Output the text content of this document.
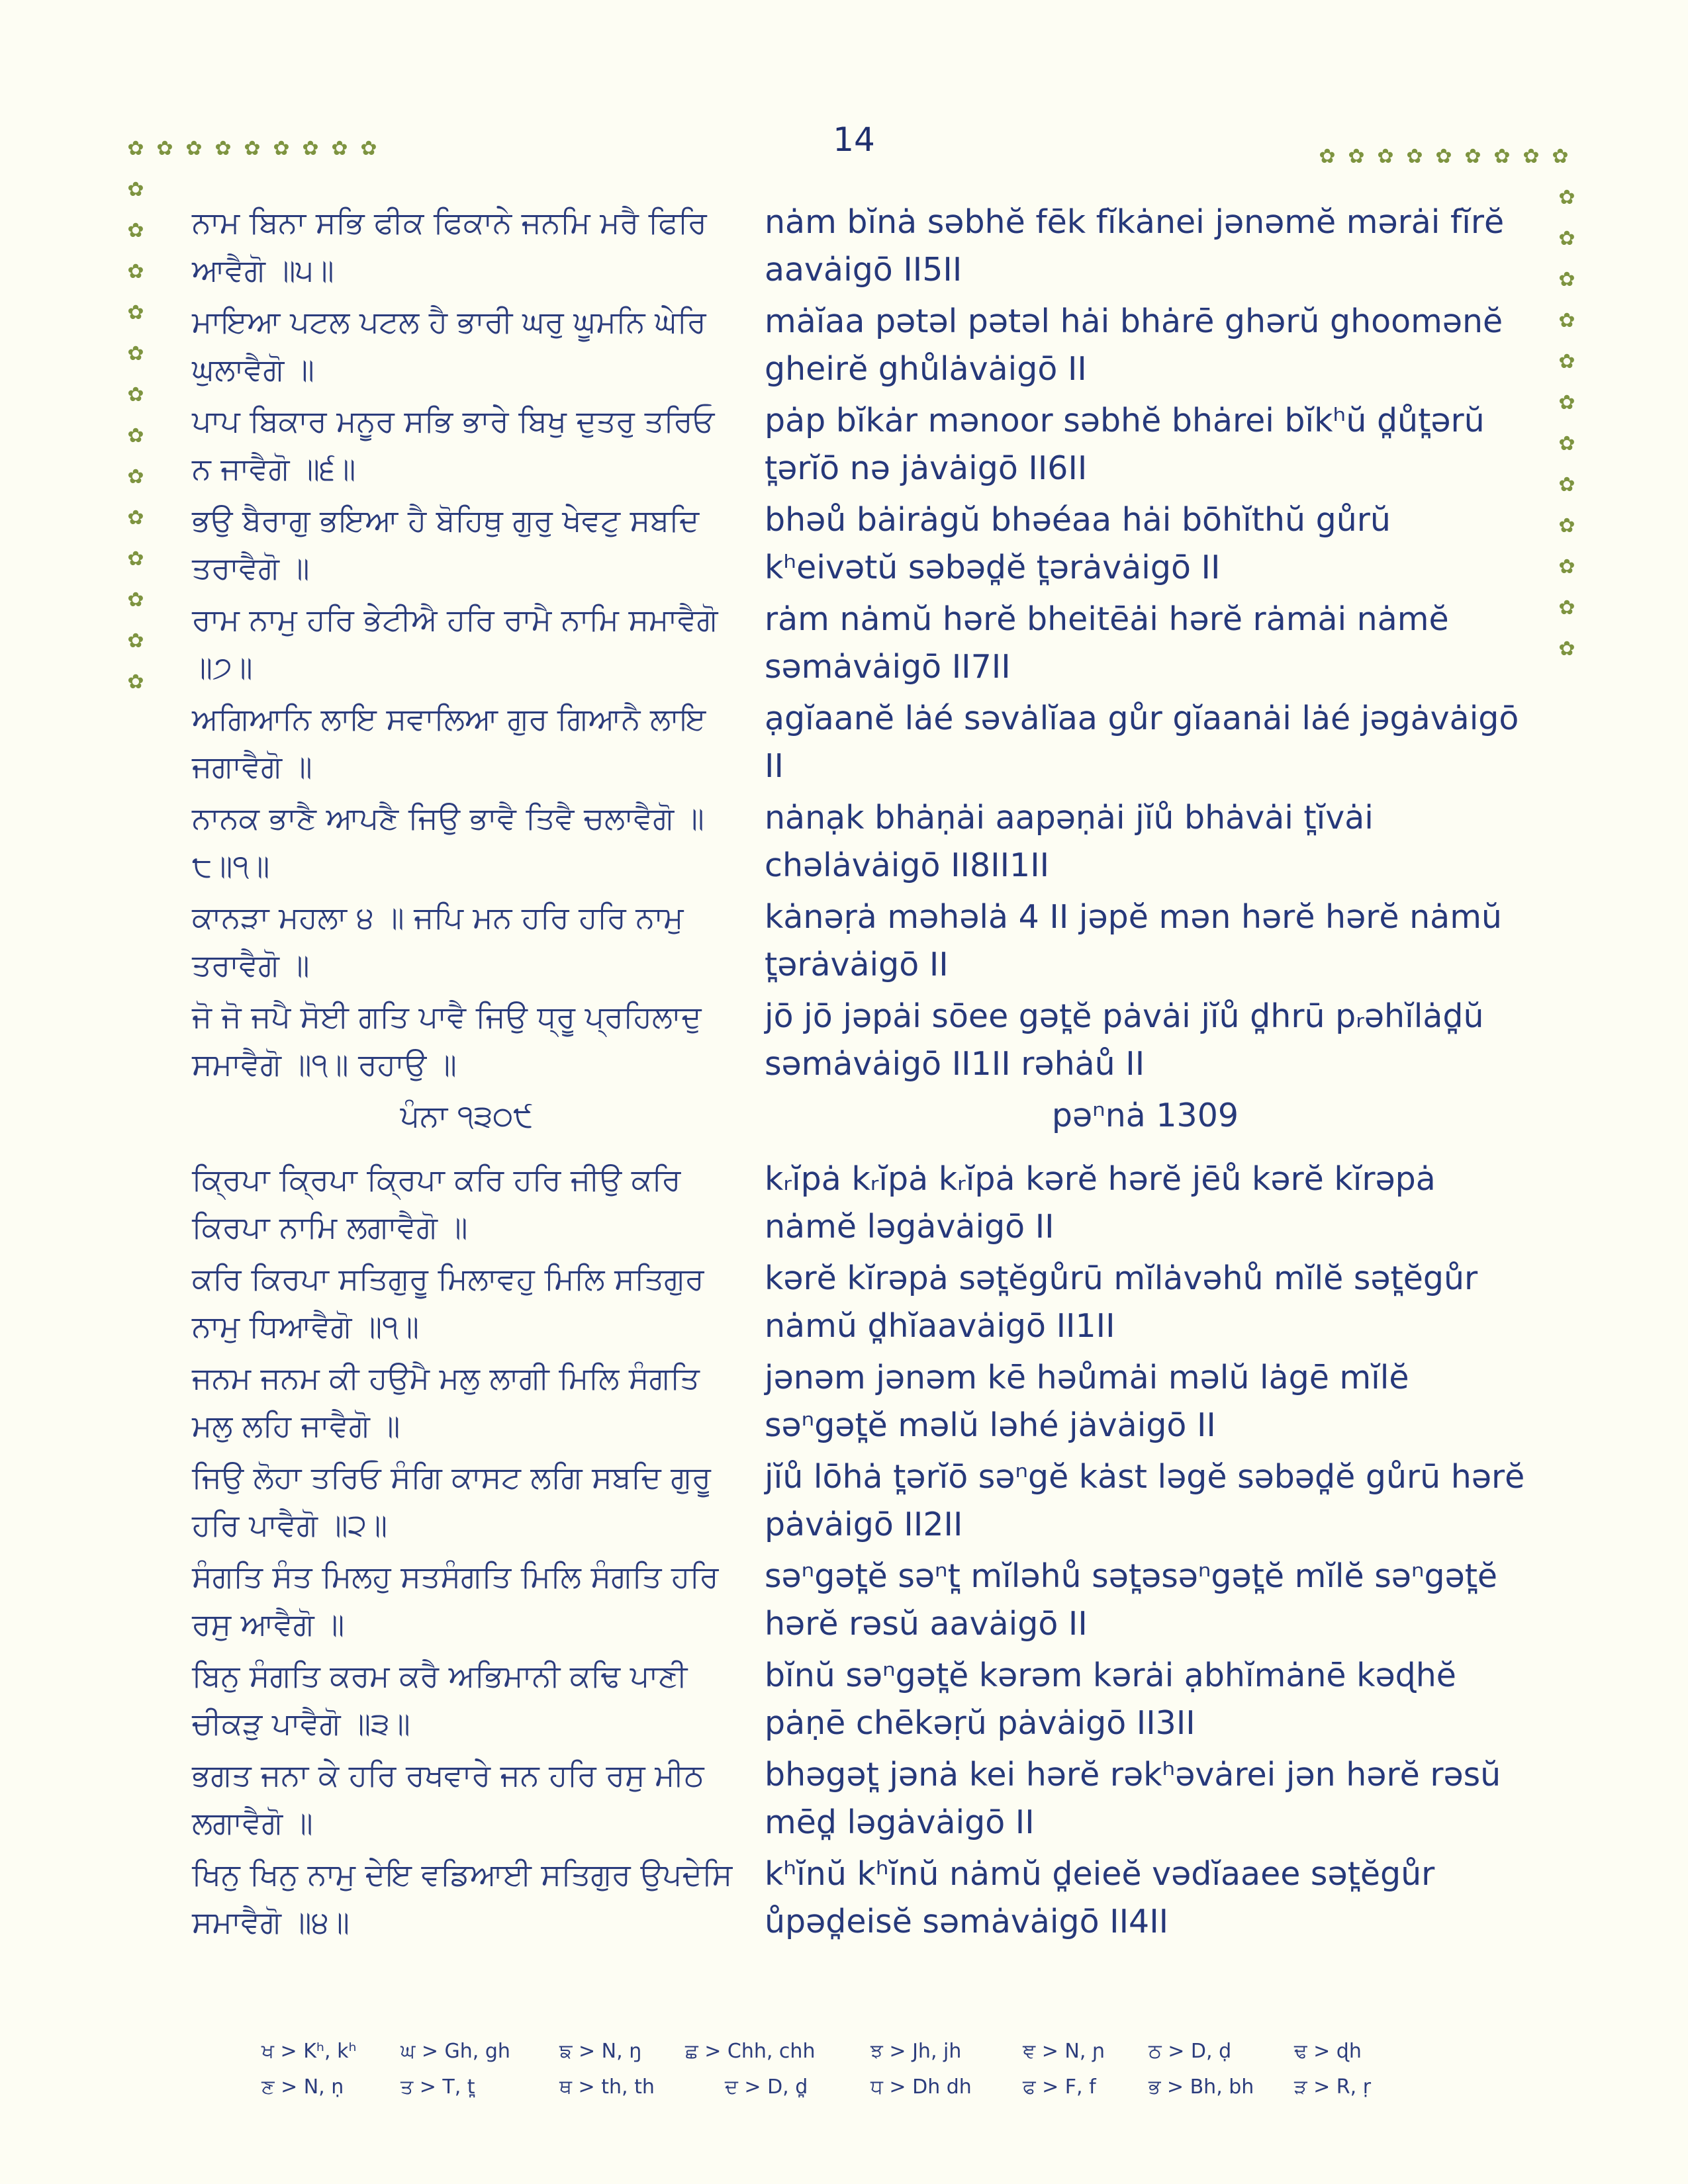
14
✿ ✿ ✿ ✿ ✿ ✿ ✿ ✿ ✿
✿
✿
✿
✿
✿
✿
✿
✿
✿
✿
✿
✿
✿
✿ ✿ ✿ ✿ ✿ ✿ ✿ ✿ ✿
✿
✿
✿
✿
✿
✿
✿
✿
✿
✿
✿
✿
ਨਾਮ ਬਿਨਾ ਸਭਿ ਫੀਕ ਫਿਕਾਨੇ ਜਨਮਿ ਮਰੈ ਫਿਰਿ ਆਵੈਗੋ ॥੫॥
nȧm bĭnȧ səbhĕ fēk fĭkȧnei jənəmĕ mərȧi fĭrĕ aavȧigō II5II
ਮਾਇਆ ਪਟਲ ਪਟਲ ਹੈ ਭਾਰੀ ਘਰੁ ਘੂਮਨਿ ਘੇਰਿ ਘੁਲਾਵੈਗੋ ॥
mȧĭaa pətəl pətəl hȧi bhȧrē ghərŭ ghoomənĕ gheirĕ ghůlȧvȧigō II
ਪਾਪ ਬਿਕਾਰ ਮਨੂਰ ਸਭਿ ਭਾਰੇ ਬਿਖੁ ਦੁਤਰੁ ਤਰਿਓ ਨ ਜਾਵੈਗੋ ॥੬॥
pȧp bĭkȧr mənoor səbhĕ bhȧrei bĭkʰŭ d̪ůt̪ərŭ t̪ərĭō nə jȧvȧigō II6II
ਭਉ ਬੈਰਾਗੁ ਭਇਆ ਹੈ ਬੋਹਿਥੁ ਗੁਰੁ ਖੇਵਟੁ ਸਬਦਿ ਤਰਾਵੈਗੋ ॥
bhəů bȧirȧgŭ bhəéaa hȧi bōhĭthŭ gůrŭ kʰeivətŭ səbəd̪ĕ t̪ərȧvȧigō II
ਰਾਮ ਨਾਮੁ ਹਰਿ ਭੇਟੀਐ ਹਰਿ ਰਾਮੈ ਨਾਮਿ ਸਮਾਵੈਗੋ ॥੭॥
rȧm nȧmŭ hərĕ bheitēȧi hərĕ rȧmȧi nȧmĕ səmȧvȧigō II7II
ਅਗਿਆਨਿ ਲਾਇ ਸਵਾਲਿਆ ਗੁਰ ਗਿਆਨੈ ਲਾਇ ਜਗਾਵੈਗੋ ॥
ạgĭaanĕ lȧé səvȧlĭaa gůr gĭaanȧi lȧé jəgȧvȧigō II
ਨਾਨਕ ਭਾਣੈ ਆਪਣੈ ਜਿਉ ਭਾਵੈ ਤਿਵੈ ਚਲਾਵੈਗੋ ॥੮॥੧॥
nȧnạk bhȧṇȧi aapəṇȧi jĭů bhȧvȧi t̪ĭvȧi chəlȧvȧigō II8II1II
ਕਾਨੜਾ ਮਹਲਾ ੪ ॥ ਜਪਿ ਮਨ ਹਰਿ ਹਰਿ ਨਾਮੁ ਤਰਾਵੈਗੋ ॥
kȧnəṛȧ məhəlȧ 4 II jəpĕ mən hərĕ hərĕ nȧmŭ t̪ərȧvȧigō II
ਜੋ ਜੋ ਜਪੈ ਸੋਈ ਗਤਿ ਪਾਵੈ ਜਿਉ ਧ੍ਰੂ ਪ੍ਰਹਿਲਾਦੁ ਸਮਾਵੈਗੋ ॥੧॥ ਰਹਾਉ ॥
jō jō jəpȧi sōee gət̪ĕ pȧvȧi jĭů d̪hrū pᵣəhĭlȧd̪ŭ səmȧvȧigō II1II rəhȧů II
ਪੰਨਾ ੧੩੦੯	pəⁿnȧ 1309
ਕ੍ਰਿਪਾ ਕ੍ਰਿਪਾ ਕ੍ਰਿਪਾ ਕਰਿ ਹਰਿ ਜੀਉ ਕਰਿ ਕਿਰਪਾ ਨਾਮਿ ਲਗਾਵੈਗੋ ॥
kᵣĭpȧ kᵣĭpȧ kᵣĭpȧ kərĕ hərĕ jēů kərĕ kĭrəpȧ nȧmĕ ləgȧvȧigō II
ਕਰਿ ਕਿਰਪਾ ਸਤਿਗੁਰੂ ਮਿਲਾਵਹੁ ਮਿਲਿ ਸਤਿਗੁਰ ਨਾਮੁ ਧਿਆਵੈਗੋ ॥੧॥
kərĕ kĭrəpȧ sət̪ĕgůrū mĭlȧvəhů mĭlĕ sət̪ĕgůr nȧmŭ d̪hĭaavȧigō II1II
ਜਨਮ ਜਨਮ ਕੀ ਹਉਮੈ ਮਲੁ ਲਾਗੀ ਮਿਲਿ ਸੰਗਤਿ ਮਲੁ ਲਹਿ ਜਾਵੈਗੋ ॥
jənəm jənəm kē həůmȧi məlŭ lȧgē mĭlĕ səⁿgət̪ĕ məlŭ ləhé jȧvȧigō II
ਜਿਉ ਲੋਹਾ ਤਰਿਓ ਸੰਗਿ ਕਾਸਟ ਲਗਿ ਸਬਦਿ ਗੁਰੂ ਹਰਿ ਪਾਵੈਗੋ ॥੨॥
jĭů lōhȧ t̪ərĭō səⁿgĕ kȧst ləgĕ səbəd̪ĕ gůrū hərĕ pȧvȧigō II2II
ਸੰਗਤਿ ਸੰਤ ਮਿਲਹੁ ਸਤਸੰਗਤਿ ਮਿਲਿ ਸੰਗਤਿ ਹਰਿ ਰਸੁ ਆਵੈਗੋ ॥
səⁿgət̪ĕ səⁿt̪ mĭləhů sət̪əsəⁿgət̪ĕ mĭlĕ səⁿgət̪ĕ hərĕ rəsŭ aavȧigō II
ਬਿਨੁ ਸੰਗਤਿ ਕਰਮ ਕਰੈ ਅਭਿਮਾਨੀ ਕਢਿ ਪਾਣੀ ਚੀਕੜੁ ਪਾਵੈਗੋ ॥੩॥
bĭnŭ səⁿgət̪ĕ kərəm kərȧi ạbhĭmȧnē kəɖhĕ pȧṇē chēkəṛŭ pȧvȧigō II3II
ਭਗਤ ਜਨਾ ਕੇ ਹਰਿ ਰਖਵਾਰੇ ਜਨ ਹਰਿ ਰਸੁ ਮੀਠ ਲਗਾਵੈਗੋ ॥
bhəgət̪ jənȧ kei hərĕ rəkʰəvȧrei jən hərĕ rəsŭ mēd̪ ləgȧvȧigō II
ਖਿਨੁ ਖਿਨੁ ਨਾਮੁ ਦੇਇ ਵਡਿਆਈ ਸਤਿਗੁਰ ਉਪਦੇਸਿ ਸਮਾਵੈਗੋ ॥੪॥
kʰĭnŭ kʰĭnŭ nȧmŭ d̪eieĕ vədĭaaee sət̪ĕgůr ůpəd̪eisĕ səmȧvȧigō II4II
ਖ > Kʰ, kʰ ਘ > Gh, gh ਙ > N, ŋ ਛ > Chh, chh	ਝ > Jh, jh	ਞ > N, ɲ ਠ > D, ḍ	ਢ > ɖh
ਣ > N, ṇ	ਤ > T, t̪	ਥ > th, th	ਦ > D, d̪	ਧ > Dh dh	ਫ > F, f	ਭ > Bh, bh ੜ > R, ṛ
